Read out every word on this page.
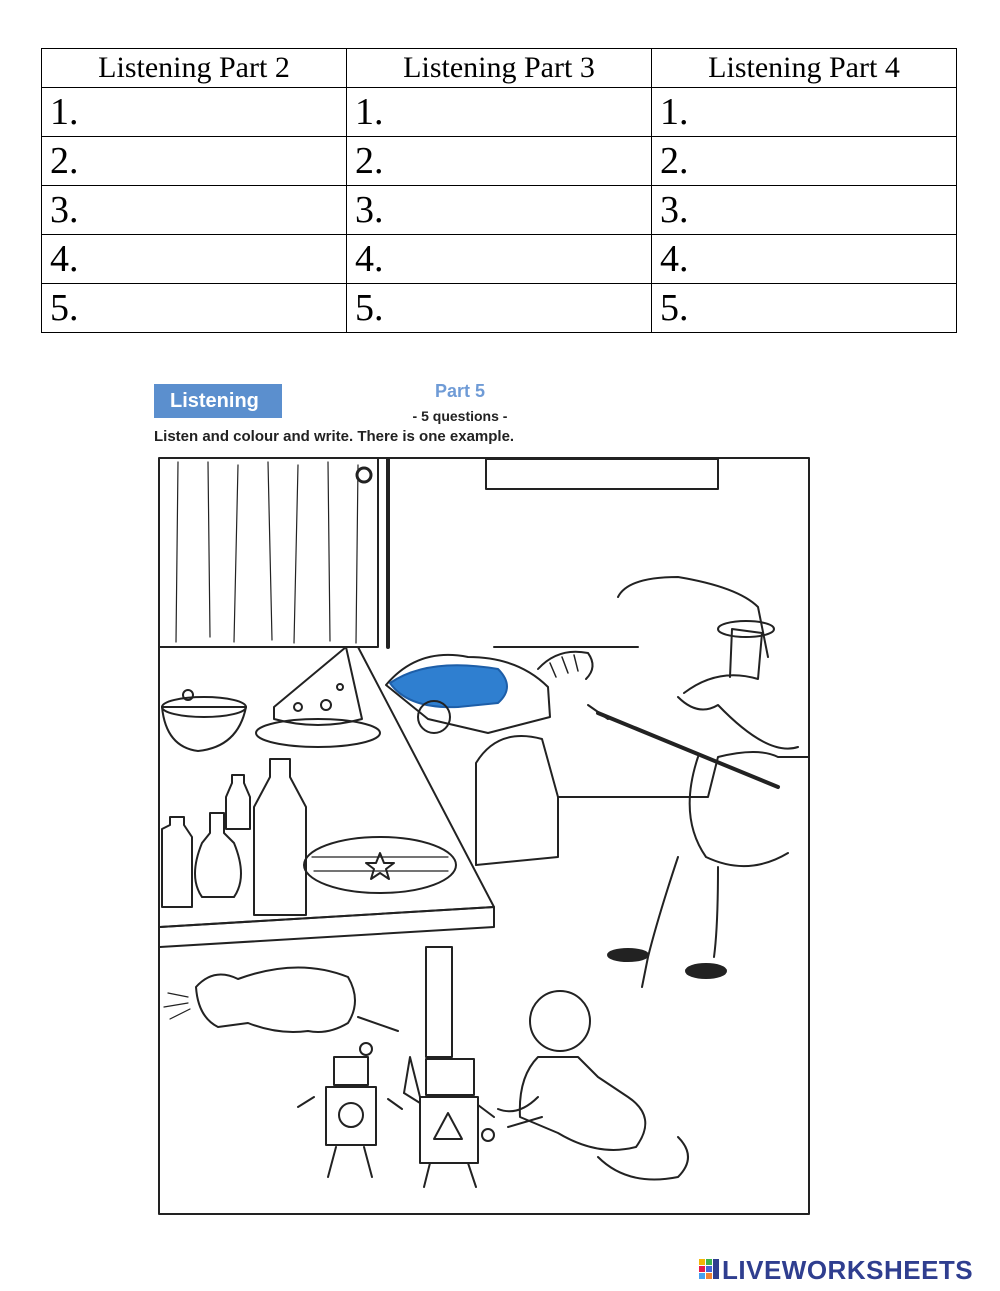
Listening Part 2	Listening Part 3	Listening Part 4
1.	1.	1.
2.	2.	2.
3.	3.	3.
4.	4.	4.
5.	5.	5.
Listening	Part 5
- 5 questions -
Listen and colour and write. There is one example.
LIVEWORKSHEETS
